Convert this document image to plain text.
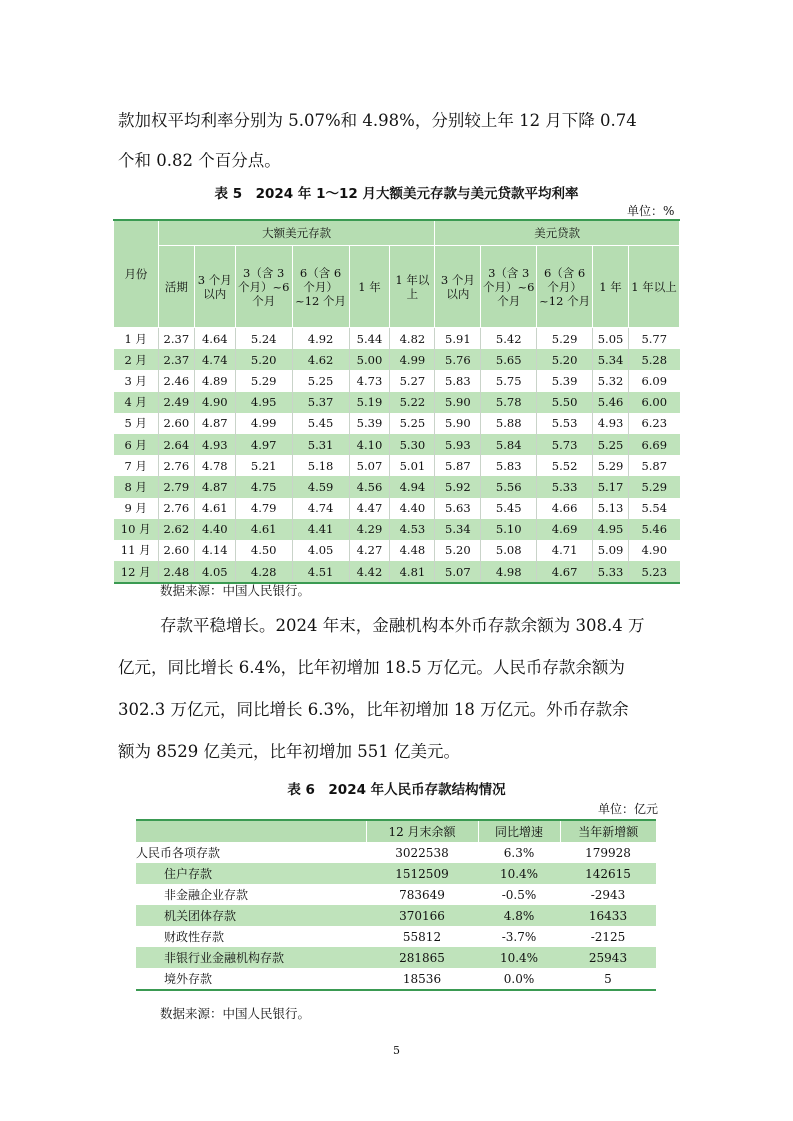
款加权平均利率分别为 5.07%和 4.98%，分别较上年 12 月下降 0.74
个和 0.82 个百分点。
表 5　2024 年 1～12 月大额美元存款与美元贷款平均利率
单位：%
月份	大额美元存款						美元贷款				
	活期	3 个月以内	3（含 3 个月）~6 个月	6（含 6 个月）~12 个月	1 年	1 年以上	3 个月以内	3（含 3 个月）~6 个月	6（含 6 个月）~12 个月	1 年	1 年以上
1 月	2.37	4.64	5.24	4.92	5.44	4.82	5.91	5.42	5.29	5.05	5.77
2 月	2.37	4.74	5.20	4.62	5.00	4.99	5.76	5.65	5.20	5.34	5.28
3 月	2.46	4.89	5.29	5.25	4.73	5.27	5.83	5.75	5.39	5.32	6.09
4 月	2.49	4.90	4.95	5.37	5.19	5.22	5.90	5.78	5.50	5.46	6.00
5 月	2.60	4.87	4.99	5.45	5.39	5.25	5.90	5.88	5.53	4.93	6.23
6 月	2.64	4.93	4.97	5.31	4.10	5.30	5.93	5.84	5.73	5.25	6.69
7 月	2.76	4.78	5.21	5.18	5.07	5.01	5.87	5.83	5.52	5.29	5.87
8 月	2.79	4.87	4.75	4.59	4.56	4.94	5.92	5.56	5.33	5.17	5.29
9 月	2.76	4.61	4.79	4.74	4.47	4.40	5.63	5.45	4.66	5.13	5.54
10 月	2.62	4.40	4.61	4.41	4.29	4.53	5.34	5.10	4.69	4.95	5.46
11 月	2.60	4.14	4.50	4.05	4.27	4.48	5.20	5.08	4.71	5.09	4.90
12 月	2.48	4.05	4.28	4.51	4.42	4.81	5.07	4.98	4.67	5.33	5.23
数据来源：中国人民银行。
存款平稳增长。2024 年末，金融机构本外币存款余额为 308.4 万
亿元，同比增长 6.4%，比年初增加 18.5 万亿元。人民币存款余额为
302.3 万亿元，同比增长 6.3%，比年初增加 18 万亿元。外币存款余
额为 8529 亿美元，比年初增加 551 亿美元。
表 6　2024 年人民币存款结构情况
单位：亿元
	12 月末余额	同比增速	当年新增额
人民币各项存款	3022538	6.3%	179928
住户存款	1512509	10.4%	142615
非金融企业存款	783649	-0.5%	-2943
机关团体存款	370166	4.8%	16433
财政性存款	55812	-3.7%	-2125
非银行业金融机构存款	281865	10.4%	25943
境外存款	18536	0.0%	5
数据来源：中国人民银行。
5
